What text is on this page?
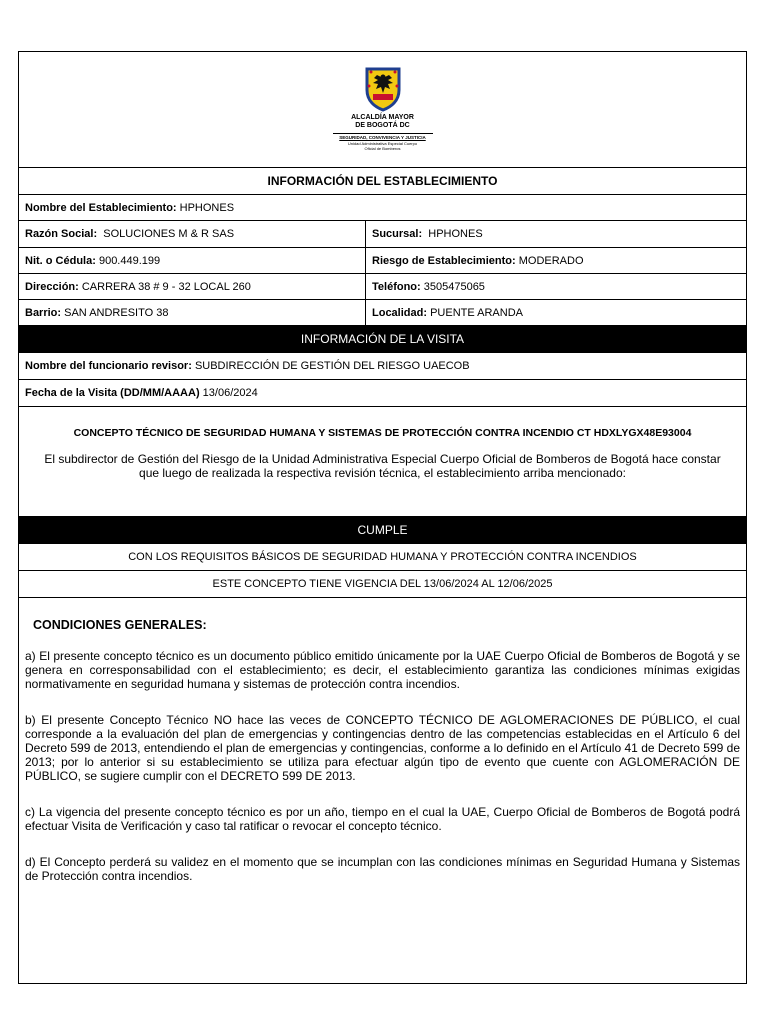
ALCALDÍA MAYOR
DE BOGOTÁ DC
SEGURIDAD, CONVIVENCIA Y JUSTICIA
Unidad Administrativa Especial Cuerpo
Oficial de Bomberos
INFORMACIÓN DEL ESTABLECIMIENTO
Nombre del Establecimiento:
HPHONES
Razón Social:
SOLUCIONES M & R SAS	Sucursal:
HPHONES
Nit. o Cédula:
900.449.199	Riesgo de Establecimiento:
MODERADO
Dirección:
CARRERA 38 # 9 - 32 LOCAL 260	Teléfono:
3505475065
Barrio:
SAN ANDRESITO 38	Localidad:
PUENTE ARANDA
INFORMACIÓN DE LA VISITA
Nombre del funcionario revisor:
SUBDIRECCIÓN DE GESTIÓN DEL RIESGO UAECOB
Fecha de la Visita (DD/MM/AAAA)
13/06/2024
CONCEPTO TÉCNICO DE SEGURIDAD HUMANA Y SISTEMAS DE PROTECCIÓN CONTRA INCENDIO CT HDXLYGX48E93004
El subdirector de Gestión del Riesgo de la Unidad Administrativa Especial Cuerpo Oficial de Bomberos de Bogotá hace constar que luego de realizada la respectiva revisión técnica, el establecimiento arriba mencionado:
CUMPLE
CON LOS REQUISITOS BÁSICOS DE SEGURIDAD HUMANA Y PROTECCIÓN CONTRA INCENDIOS
ESTE CONCEPTO TIENE VIGENCIA DEL 13/06/2024 AL 12/06/2025
CONDICIONES GENERALES:

a) El presente concepto técnico es un documento público emitido únicamente por la UAE Cuerpo Oficial de Bomberos de Bogotá y se genera en corresponsabilidad con el establecimiento; es decir, el establecimiento garantiza las condiciones mínimas exigidas normativamente en seguridad humana y sistemas de protección contra incendios.

b) El presente Concepto Técnico NO hace las veces de CONCEPTO TÉCNICO DE AGLOMERACIONES DE PÚBLICO, el cual corresponde a la evaluación del plan de emergencias y contingencias dentro de las competencias establecidas en el Artículo 6 del Decreto 599 de 2013, entendiendo el plan de emergencias y contingencias, conforme a lo definido en el Artículo 41 de Decreto 599 de 2013; por lo anterior si su establecimiento se utiliza para efectuar algún tipo de evento que cuente con AGLOMERACIÓN DE PÚBLICO, se sugiere cumplir con el DECRETO 599 DE 2013.

c) La vigencia del presente concepto técnico es por un año, tiempo en el cual la UAE, Cuerpo Oficial de Bomberos de Bogotá podrá efectuar Visita de Verificación y caso tal ratificar o revocar el concepto técnico.

d) El Concepto perderá su validez en el momento que se incumplan con las condiciones mínimas en Seguridad Humana y Sistemas de Protección contra incendios.
